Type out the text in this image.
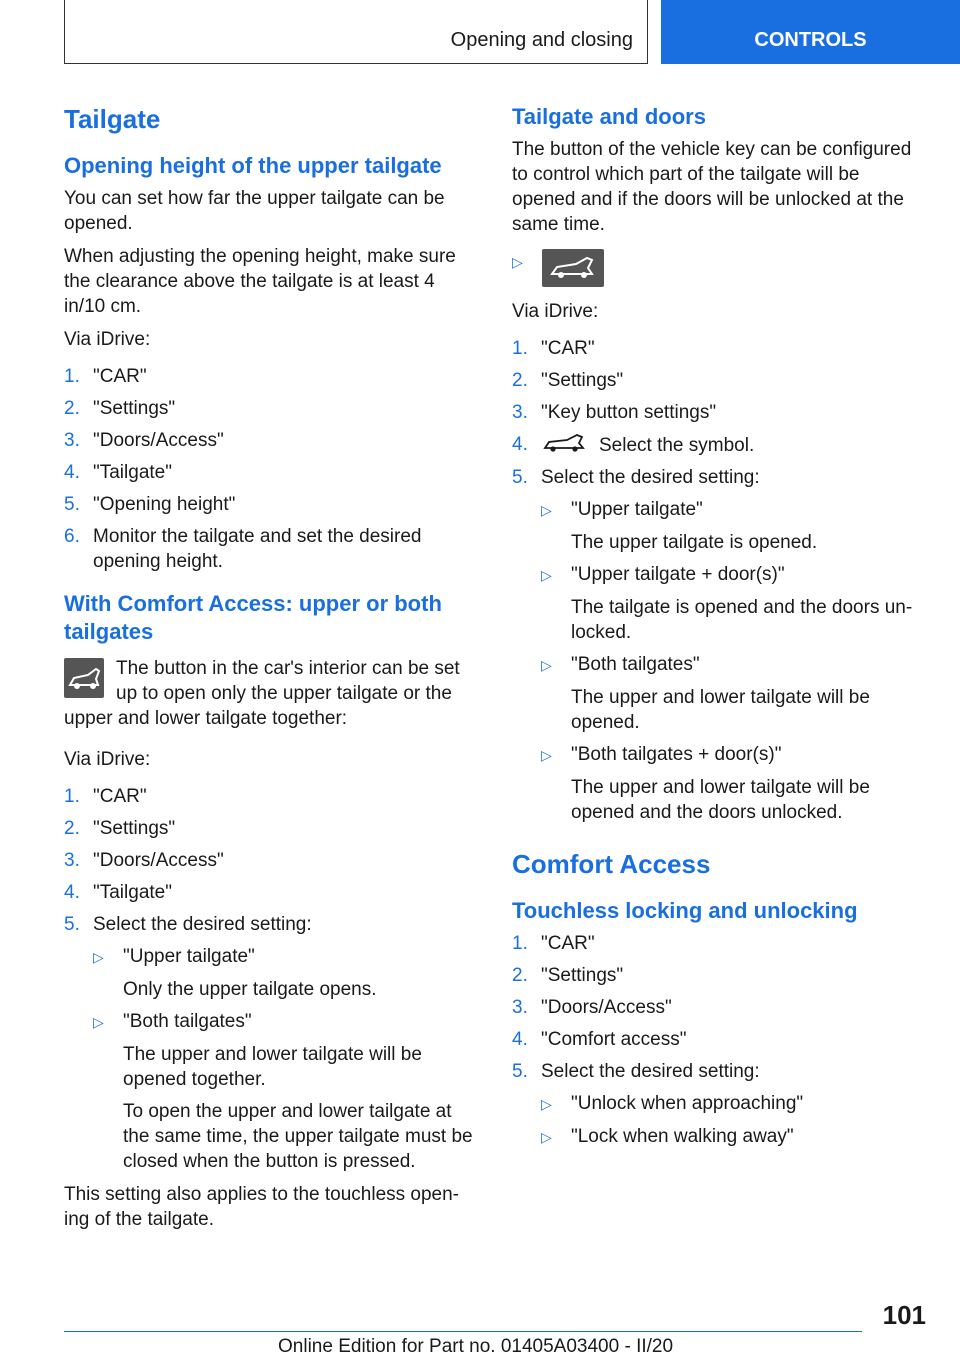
Opening and closing	CONTROLS
Tailgate
Opening height of the upper tailgate
You can set how far the upper tailgate can be opened.
When adjusting the opening height, make sure the clearance above the tailgate is at least 4 in/10 cm.
Via iDrive:
1. "CAR"
2. "Settings"
3. "Doors/Access"
4. "Tailgate"
5. "Opening height"
6. Monitor the tailgate and set the desired opening height.
With Comfort Access: upper or both tailgates
The button in the car's interior can be set up to open only the upper tailgate or the upper and lower tailgate together:
Via iDrive:
1. "CAR"
2. "Settings"
3. "Doors/Access"
4. "Tailgate"
5. Select the desired setting:
▷	"Upper tailgate"
Only the upper tailgate opens.
▷	"Both tailgates"
The upper and lower tailgate will be opened together.
To open the upper and lower tailgate at the same time, the upper tailgate must be closed when the button is pressed.
This setting also applies to the touchless open- ing of the tailgate.
Tailgate and doors
The button of the vehicle key can be configured to control which part of the tailgate will be opened and if the doors will be unlocked at the same time.
▷
Via iDrive:
1. "CAR"
2. "Settings"
3. "Key button settings"
4.	Select the symbol.
5. Select the desired setting:
▷	"Upper tailgate"
The upper tailgate is opened.
▷	"Upper tailgate + door(s)"
The tailgate is opened and the doors un- locked.
▷	"Both tailgates"
The upper and lower tailgate will be opened.
▷	"Both tailgates + door(s)"
The upper and lower tailgate will be opened and the doors unlocked.
Comfort Access
Touchless locking and unlocking
1. "CAR"
2. "Settings"
3. "Doors/Access"
4. "Comfort access"
5. Select the desired setting:
▷	"Unlock when approaching"
▷	"Lock when walking away"
101
Online Edition for Part no. 01405A03400 - II/20
